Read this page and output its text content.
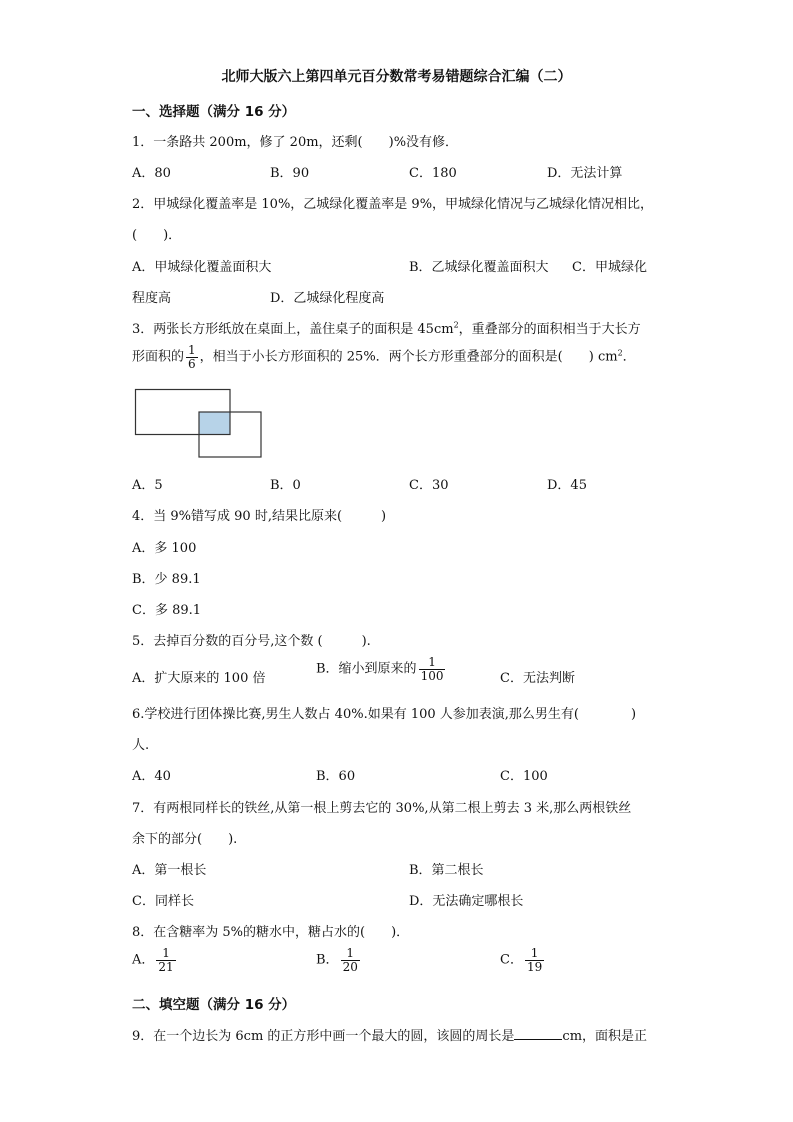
北师大版六上第四单元百分数常考易错题综合汇编（二）
一、选择题（满分 16 分）
1．一条路共 200m，修了 20m，还剩(　　)%没有修．
A．80	B．90	C．180	D．无法计算
2．甲城绿化覆盖率是 10%，乙城绿化覆盖率是 9%，甲城绿化情况与乙城绿化情况相比，
(　　)．
A．甲城绿化覆盖面积大	B．乙城绿化覆盖面积大 C．甲城绿化
程度高	D．乙城绿化程度高
3．两张长方形纸放在桌面上，盖住桌子的面积是 $45cm^2$，重叠部分的面积相当于大长方
形面积的 $\frac{1}{6}$ ，相当于小长方形面积的 25%．两个长方形重叠部分的面积是(　　) $cm^2$．
A．5	B．0	C．30	D．45
4．当 9%错写成 90 时,结果比原来(　　　)
A．多 100
B．少 89.1
C．多 89.1
5．去掉百分数的百分号,这个数 (　　　).
A．扩大原来的 100 倍
B．缩小到原来的 $\frac{1}{100}$	C．无法判断
6.学校进行团体操比赛,男生人数占 40%.如果有 100 人参加表演,那么男生有(　　　　)
人.
A．40	B．60	C．100
7．有两根同样长的铁丝,从第一根上剪去它的 30%,从第二根上剪去 3 米,那么两根铁丝
余下的部分(　　).
A．第一根长	B．第二根长
C．同样长	D．无法确定哪根长
8．在含糖率为 5%的糖水中，糖占水的(　　)．
A． $\frac{1}{21}$	B． $\frac{1}{20}$	C． $\frac{1}{19}$
二、填空题（满分 16 分）
9．在一个边长为 6cm 的正方形中画一个最大的圆，该圆的周长是	cm，面积是正
